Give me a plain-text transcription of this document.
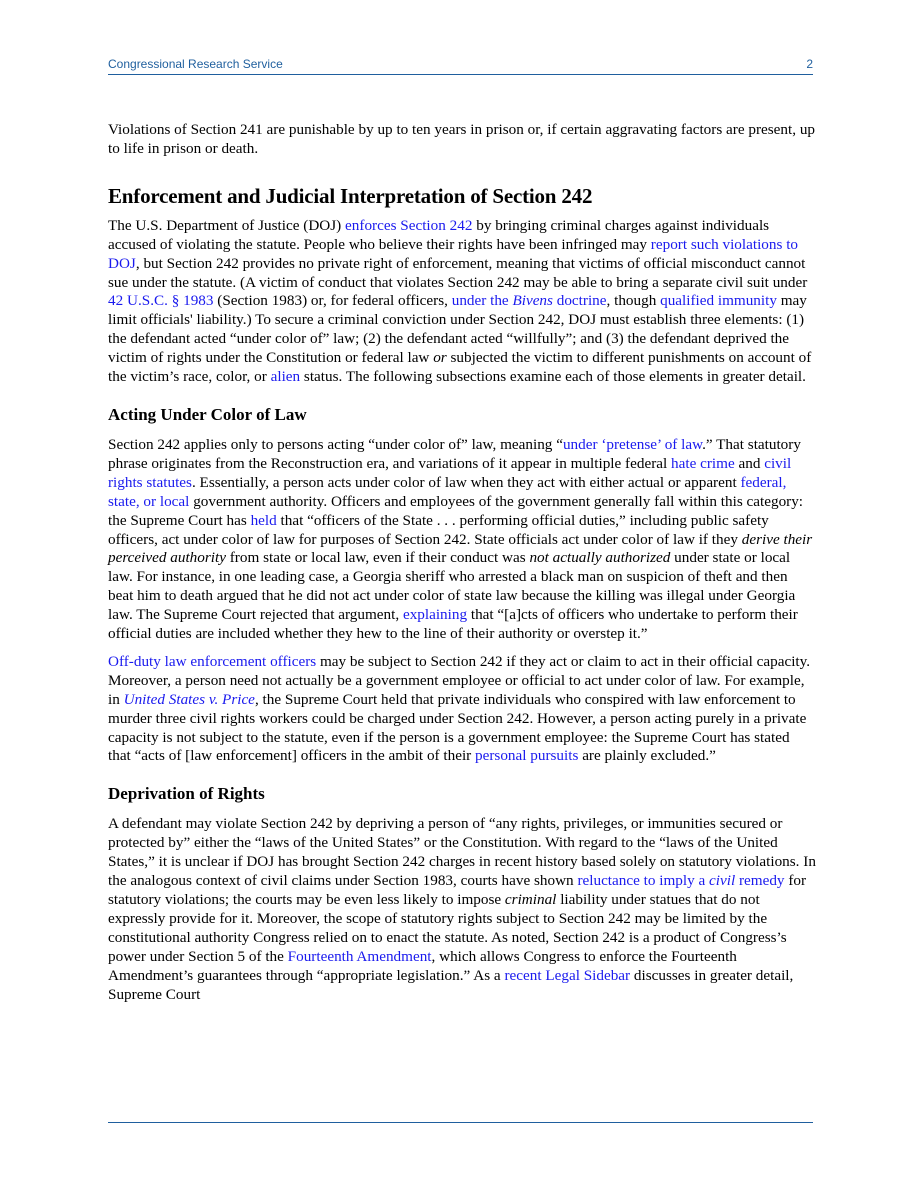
Congressional Research Service	2

Violations of Section 241 are punishable by up to ten years in prison or, if certain aggravating factors are present, up to life in prison or death.

Enforcement and Judicial Interpretation of Section 242

The U.S. Department of Justice (DOJ) enforces Section 242 by bringing criminal charges against individuals accused of violating the statute. People who believe their rights have been infringed may report such violations to DOJ, but Section 242 provides no private right of enforcement, meaning that victims of official misconduct cannot sue under the statute. (A victim of conduct that violates Section 242 may be able to bring a separate civil suit under 42 U.S.C. § 1983 (Section 1983) or, for federal officers, under the Bivens doctrine, though qualified immunity may limit officials' liability.) To secure a criminal conviction under Section 242, DOJ must establish three elements: (1) the defendant acted “under color of” law; (2) the defendant acted “willfully”; and (3) the defendant deprived the victim of rights under the Constitution or federal law or subjected the victim to different punishments on account of the victim’s race, color, or alien status. The following subsections examine each of those elements in greater detail.

Acting Under Color of Law

Section 242 applies only to persons acting “under color of” law, meaning “under ‘pretense’ of law.” That statutory phrase originates from the Reconstruction era, and variations of it appear in multiple federal hate crime and civil rights statutes. Essentially, a person acts under color of law when they act with either actual or apparent federal, state, or local government authority. Officers and employees of the government generally fall within this category: the Supreme Court has held that “officers of the State . . . performing official duties,” including public safety officers, act under color of law for purposes of Section 242. State officials act under color of law if they derive their perceived authority from state or local law, even if their conduct was not actually authorized under state or local law. For instance, in one leading case, a Georgia sheriff who arrested a black man on suspicion of theft and then beat him to death argued that he did not act under color of state law because the killing was illegal under Georgia law. The Supreme Court rejected that argument, explaining that “[a]cts of officers who undertake to perform their official duties are included whether they hew to the line of their authority or overstep it.”

Off-duty law enforcement officers may be subject to Section 242 if they act or claim to act in their official capacity. Moreover, a person need not actually be a government employee or official to act under color of law. For example, in United States v. Price, the Supreme Court held that private individuals who conspired with law enforcement to murder three civil rights workers could be charged under Section 242. However, a person acting purely in a private capacity is not subject to the statute, even if the person is a government employee: the Supreme Court has stated that “acts of [law enforcement] officers in the ambit of their personal pursuits are plainly excluded.”

Deprivation of Rights

A defendant may violate Section 242 by depriving a person of “any rights, privileges, or immunities secured or protected by” either the “laws of the United States” or the Constitution. With regard to the “laws of the United States,” it is unclear if DOJ has brought Section 242 charges in recent history based solely on statutory violations. In the analogous context of civil claims under Section 1983, courts have shown reluctance to imply a civil remedy for statutory violations; the courts may be even less likely to impose criminal liability under statues that do not expressly provide for it. Moreover, the scope of statutory rights subject to Section 242 may be limited by the constitutional authority Congress relied on to enact the statute. As noted, Section 242 is a product of Congress’s power under Section 5 of the Fourteenth Amendment, which allows Congress to enforce the Fourteenth Amendment’s guarantees through “appropriate legislation.” As a recent Legal Sidebar discusses in greater detail, Supreme Court
